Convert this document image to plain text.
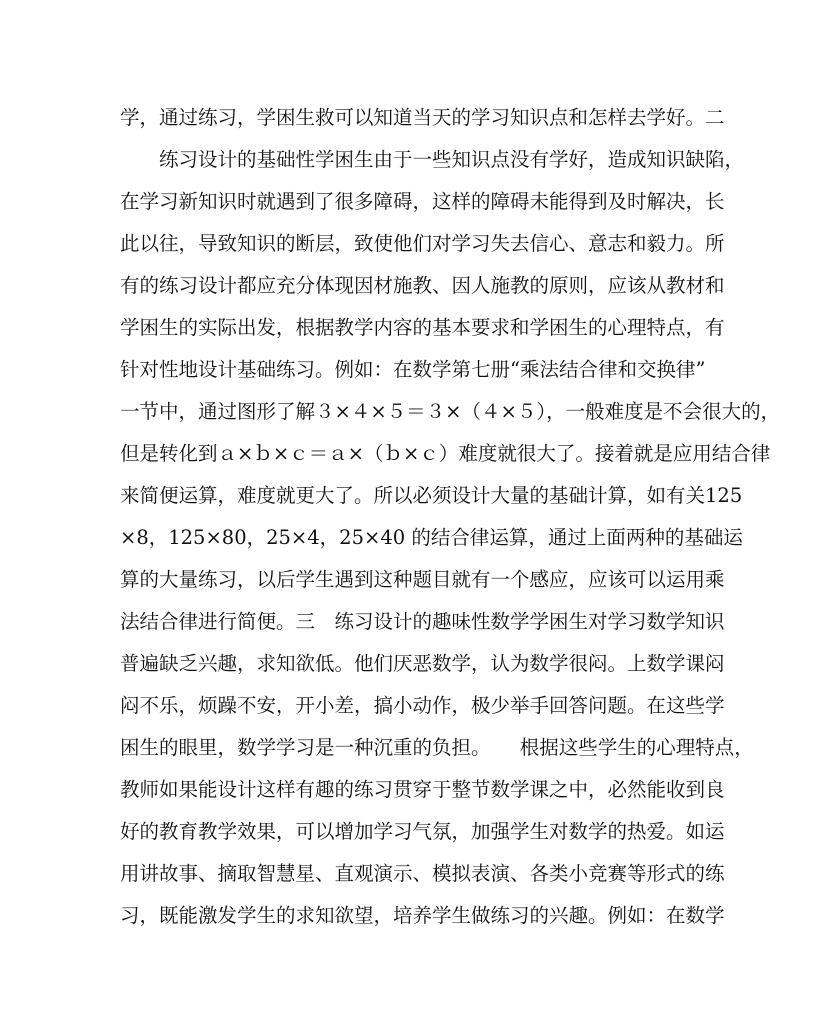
学，通过练习，学困生救可以知道当天的学习知识点和怎样去学好。二
　　练习设计的基础性学困生由于一些知识点没有学好，造成知识缺陷，
在学习新知识时就遇到了很多障碍，这样的障碍未能得到及时解决，长
此以往，导致知识的断层，致使他们对学习失去信心、意志和毅力。所
有的练习设计都应充分体现因材施教、因人施教的原则，应该从教材和
学困生的实际出发，根据教学内容的基本要求和学困生的心理特点，有
针对性地设计基础练习。例如：在数学第七册“乘法结合律和交换律”
一节中，通过图形了解３×４×５＝３×（４×５），一般难度是不会很大的，
但是转化到ａ×ｂ×ｃ＝ａ×（ｂ×ｃ）难度就很大了。接着就是应用结合律
来简便运算，难度就更大了。所以必须设计大量的基础计算，如有关125
×8，125×80，25×4，25×40 的结合律运算，通过上面两种的基础运
算的大量练习，以后学生遇到这种题目就有一个感应，应该可以运用乘
法结合律进行简便。三　练习设计的趣味性数学学困生对学习数学知识
普遍缺乏兴趣，求知欲低。他们厌恶数学，认为数学很闷。上数学课闷
闷不乐，烦躁不安，开小差，搞小动作，极少举手回答问题。在这些学
困生的眼里，数学学习是一种沉重的负担。　　根据这些学生的心理特点，
教师如果能设计这样有趣的练习贯穿于整节数学课之中，必然能收到良
好的教育教学效果，可以增加学习气氛，加强学生对数学的热爱。如运
用讲故事、摘取智慧星、直观演示、模拟表演、各类小竞赛等形式的练
习，既能激发学生的求知欲望，培养学生做练习的兴趣。例如：在数学
